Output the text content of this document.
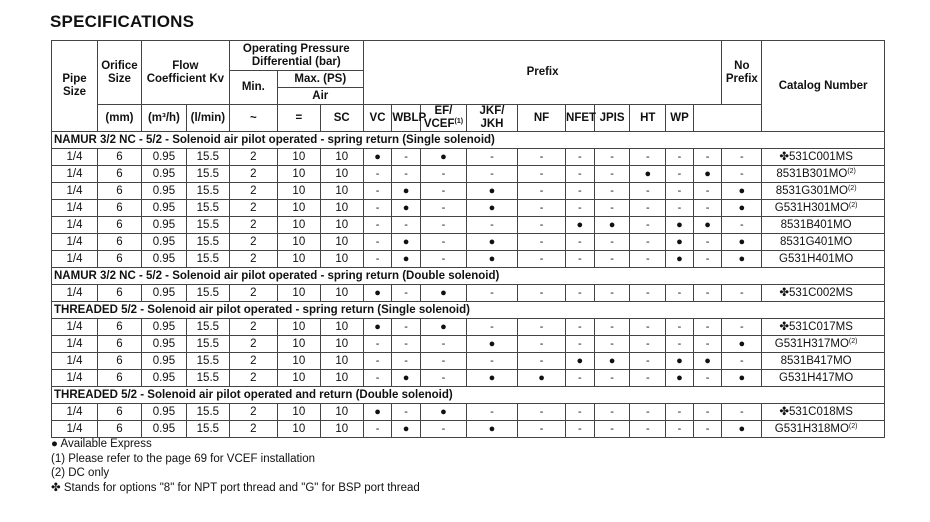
SPECIFICATIONS
Pipe Size	Orifice Size	Flow Coefficient Kv		Operating Pressure Differential (bar)			Prefix										No Prefix	Catalog Number
				Min.	Max. (PS)													
					Air													
	(mm)	(m³/h)	(l/min)	~	=	SC	VC	WBLP	EF/ VCEF$^{(1)}$	JKF/ JKH	NF	NFET	JPIS	HT	WP			
NAMUR 3/2 NC - 5/2 - Solenoid air pilot operated - spring return (Single solenoid)																		
1/4	6	0.95	15.5	2	10	10	●	-	●	-	-	-	-	-	-	-	-	✤531C001MS
1/4	6	0.95	15.5	2	10	10	-	-	-	-	-	-	-	●	-	●	-	8531B301MO$^{(2)}$
1/4	6	0.95	15.5	2	10	10	-	●	-	●	-	-	-	-	-	-	●	8531G301MO$^{(2)}$
1/4	6	0.95	15.5	2	10	10	-	●	-	●	-	-	-	-	-	-	●	G531H301MO$^{(2)}$
1/4	6	0.95	15.5	2	10	10	-	-	-	-	-	●	●	-	●	●	-	8531B401MO
1/4	6	0.95	15.5	2	10	10	-	●	-	●	-	-	-	-	●	-	●	8531G401MO
1/4	6	0.95	15.5	2	10	10	-	●	-	●	-	-	-	-	●	-	●	G531H401MO
NAMUR 3/2 NC - 5/2 - Solenoid air pilot operated - spring return (Double solenoid)																		
1/4	6	0.95	15.5	2	10	10	●	-	●	-	-	-	-	-	-	-	-	✤531C002MS
THREADED 5/2 - Solenoid air pilot operated - spring return (Single solenoid)																		
1/4	6	0.95	15.5	2	10	10	●	-	●	-	-	-	-	-	-	-	-	✤531C017MS
1/4	6	0.95	15.5	2	10	10	-	-	-	●	-	-	-	-	-	-	●	G531H317MO$^{(2)}$
1/4	6	0.95	15.5	2	10	10	-	-	-	-	-	●	●	-	●	●	-	8531B417MO
1/4	6	0.95	15.5	2	10	10	-	●	-	●	●	-	-	-	●	-	●	G531H417MO
THREADED 5/2 - Solenoid air pilot operated and return (Double solenoid)																		
1/4	6	0.95	15.5	2	10	10	●	-	●	-	-	-	-	-	-	-	-	✤531C018MS
1/4	6	0.95	15.5	2	10	10	-	●	-	●	-	-	-	-	-	-	●	G531H318MO$^{(2)}$
● Available Express
(1) Please refer to the page 69 for VCEF installation
(2) DC only
✤ Stands for options "8" for NPT port thread and "G" for BSP port thread
